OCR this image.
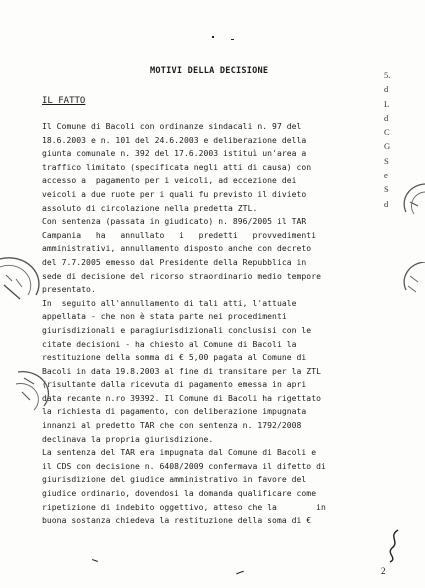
MOTIVI DELLA DECISIONE
IL FATTO
Il Comune di Bacoli con ordinanze sindacali n. 97 del
18.6.2003 e n. 101 del 24.6.2003 e deliberazione della
giunta comunale n. 392 del 17.6.2003 istituì un'area a
traffico limitato (specificata negli atti di causa) con
accesso a  pagamento per i veicoli, ad eccezione dei
veicoli a due ruote per i quali fu previsto il divieto
assoluto di circolazione nella predetta ZTL.
Con sentenza (passata in giudicato) n. 896/2005 il TAR
Campania   ha   annullato   i   predetti   provvedimenti
amministrativi, annullamento disposto anche con decreto
del 7.7.2005 emesso dal Presidente della Repubblica in
sede di decisione del ricorso straordinario medio tempore
presentato.
In  seguito all'annullamento di tali atti, l'attuale
appellata - che non è stata parte nei procedimenti
giurisdizionali e paragiurisdizionali conclusisi con le
citate decisioni - ha chiesto al Comune di Bacoli la
restituzione della somma di € 5,00 pagata al Comune di
Bacoli in data 19.8.2003 al fine di transitare per la ZTL
(risultante dalla ricevuta di pagamento emessa in apri
data recante n.ro 39392. Il Comune di Bacoli ha rigettato
la richiesta di pagamento, con deliberazione impugnata
innanzi al predetto TAR che con sentenza n. 1792/2008
declinava la propria giurisdizione.
La sentenza del TAR era impugnata dal Comune di Bacoli e
il CDS con decisione n. 6408/2009 confermava il difetto di
giurisdizione del giudice amministrativo in favore del
giudice ordinario, dovendosi la domanda qualificare come
ripetizione di indebito oggettivo, atteso che la        in
buona sostanza chiedeva la restituzione della soma di €
5.
d
L
d
C
G
S
e
S
d
2
